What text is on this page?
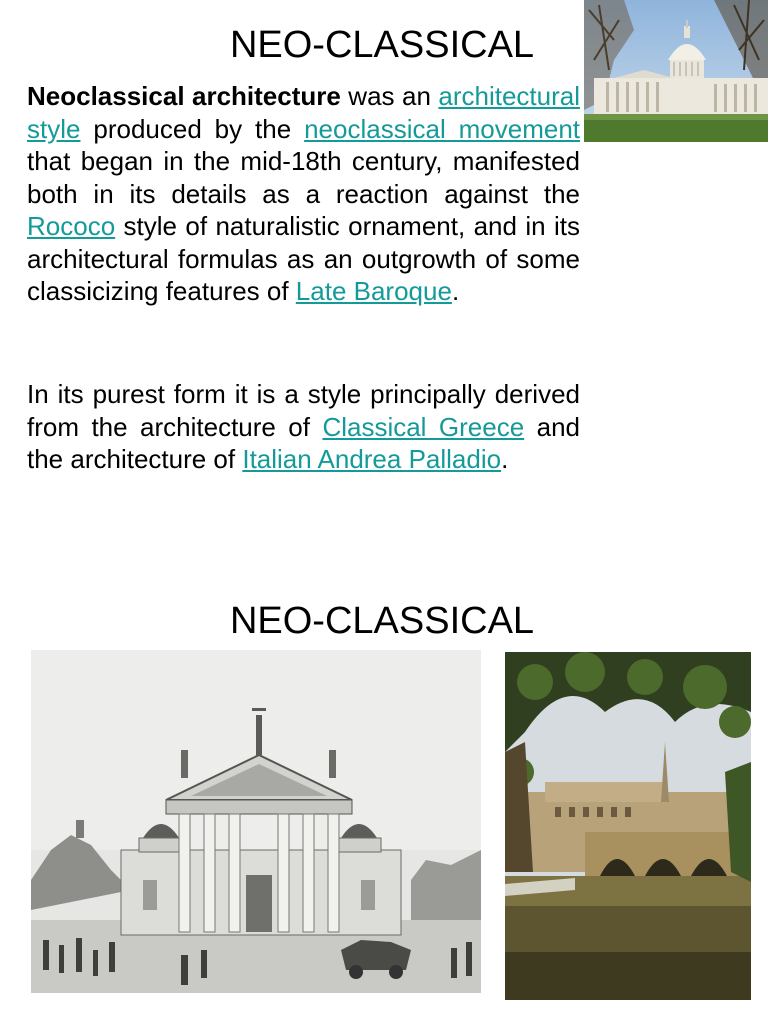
NEO-CLASSICAL
Neoclassical architecture was an architectural style produced by the neoclassical movement that began in the mid-18th century, manifested both in its details as a reaction against the Rococo style of naturalistic ornament, and in its architectural formulas as an outgrowth of some classicizing features of Late Baroque.
In its purest form it is a style principally derived from the architecture of Classical Greece and the architecture of Italian Andrea Palladio.
NEO-CLASSICAL
